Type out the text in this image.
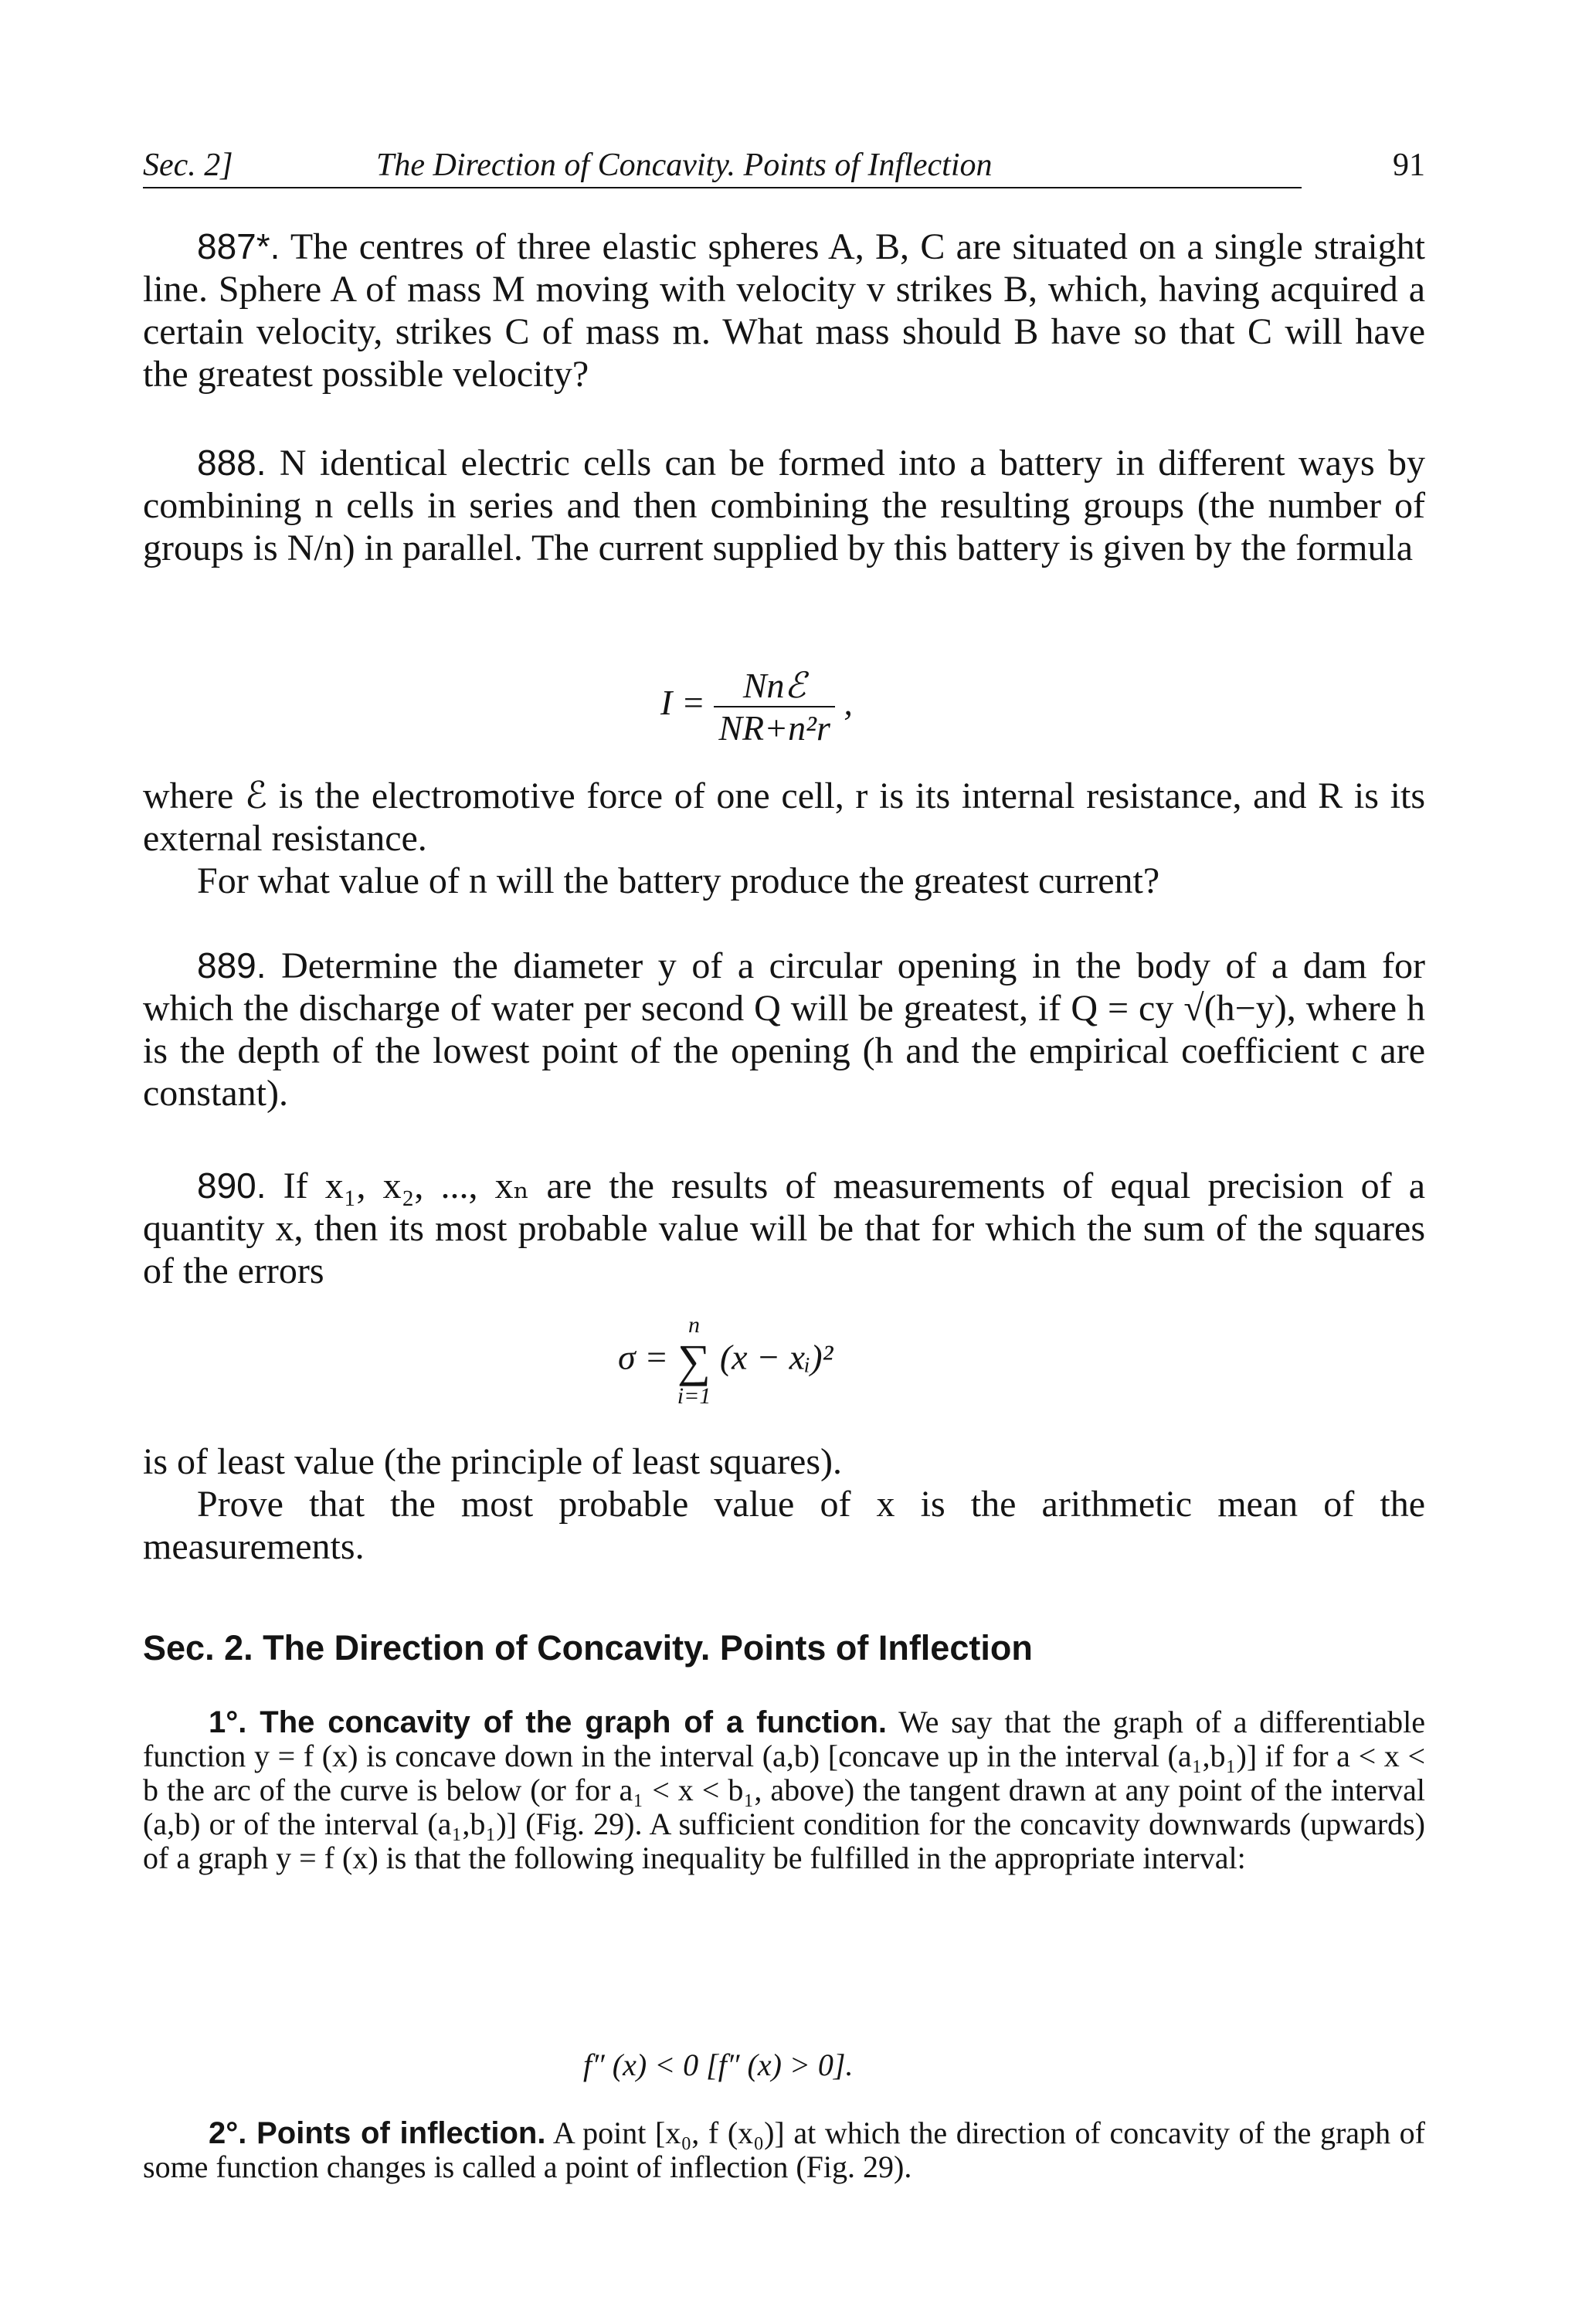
Sec. 2]	The Direction of Concavity. Points of Inflection	91
887*. The centres of three elastic spheres A, B, C are situated on a single straight line. Sphere A of mass M moving with velocity v strikes B, which, having acquired a certain velocity, strikes C of mass m. What mass should B have so that C will have the greatest possible velocity?
888. N identical electric cells can be formed into a battery in different ways by combining n cells in series and then combining the resulting groups (the number of groups is N/n) in parallel. The current supplied by this battery is given by the formula
$I = \frac{\text{Nnℰ}}{\text{NR+n²r}}$ ,
where ℰ is the electromotive force of one cell, r is its internal resistance, and R is its external resistance.
For what value of n will the battery produce the greatest current?
889. Determine the diameter y of a circular opening in the body of a dam for which the discharge of water per second Q will be greatest, if Q = cy √(h−y), where h is the depth of the lowest point of the opening (h and the empirical coefficient c are constant).
890. If x₁, x₂, ..., xₙ are the results of measurements of equal precision of a quantity x, then its most probable value will be that for which the sum of the squares of the errors
σ =
n
∑
i=1
(x − xᵢ)²
is of least value (the principle of least squares).
Prove that the most probable value of x is the arithmetic mean of the measurements.
Sec. 2. The Direction of Concavity. Points of Inflection
1°. The concavity of the graph of a function. We say that the graph of a differentiable function y = f (x) is concave down in the interval (a,b) [concave up in the interval (a₁,b₁)] if for a < x < b the arc of the curve is below (or for a₁ < x < b₁, above) the tangent drawn at any point of the interval (a,b) or of the interval (a₁,b₁)] (Fig. 29). A sufficient condition for the concavity downwards (upwards) of a graph y = f (x) is that the following inequality be fulfilled in the appropriate interval:
f″ (x) < 0 [f″ (x) > 0].
2°. Points of inflection. A point [x₀, f (x₀)] at which the direction of concavity of the graph of some function changes is called a point of inflection (Fig. 29).
